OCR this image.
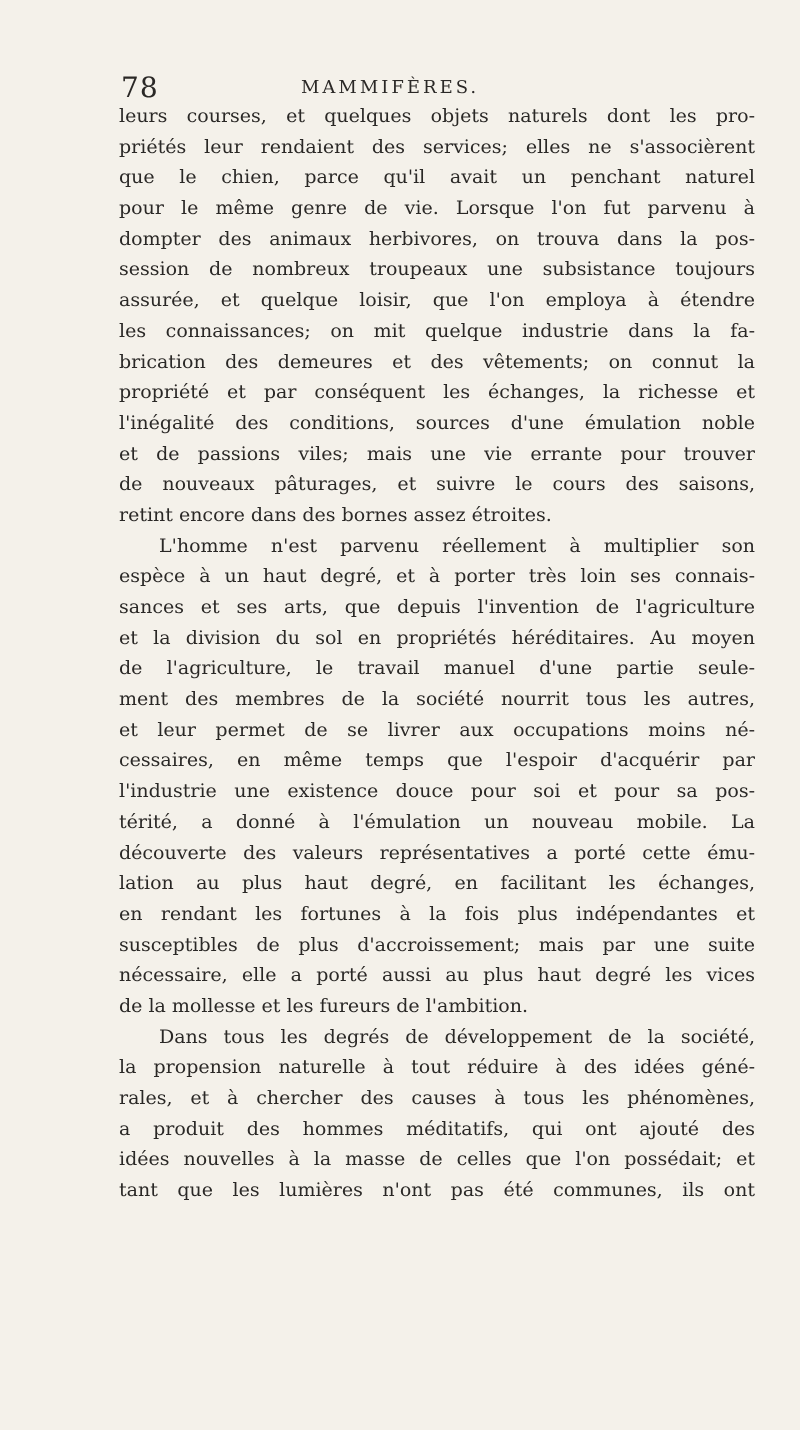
78	MAMMIFÈRES.
leurs courses, et quelques objets naturels dont les pro-
priétés leur rendaient des services; elles ne s'associèrent
que le chien, parce qu'il avait un penchant naturel
pour le même genre de vie. Lorsque l'on fut parvenu à
dompter des animaux herbivores, on trouva dans la pos-
session de nombreux troupeaux une subsistance toujours
assurée, et quelque loisir, que l'on employa à étendre
les connaissances; on mit quelque industrie dans la fa-
brication des demeures et des vêtements; on connut la
propriété et par conséquent les échanges, la richesse et
l'inégalité des conditions, sources d'une émulation noble
et de passions viles; mais une vie errante pour trouver
de nouveaux pâturages, et suivre le cours des saisons,
retint encore dans des bornes assez étroites.
L'homme n'est parvenu réellement à multiplier son
espèce à un haut degré, et à porter très loin ses connais-
sances et ses arts, que depuis l'invention de l'agriculture
et la division du sol en propriétés héréditaires. Au moyen
de l'agriculture, le travail manuel d'une partie seule-
ment des membres de la société nourrit tous les autres,
et leur permet de se livrer aux occupations moins né-
cessaires, en même temps que l'espoir d'acquérir par
l'industrie une existence douce pour soi et pour sa pos-
térité, a donné à l'émulation un nouveau mobile. La
découverte des valeurs représentatives a porté cette ému-
lation au plus haut degré, en facilitant les échanges,
en rendant les fortunes à la fois plus indépendantes et
susceptibles de plus d'accroissement; mais par une suite
nécessaire, elle a porté aussi au plus haut degré les vices
de la mollesse et les fureurs de l'ambition.
Dans tous les degrés de développement de la société,
la propension naturelle à tout réduire à des idées géné-
rales, et à chercher des causes à tous les phénomènes,
a produit des hommes méditatifs, qui ont ajouté des
idées nouvelles à la masse de celles que l'on possédait; et
tant que les lumières n'ont pas été communes, ils ont
